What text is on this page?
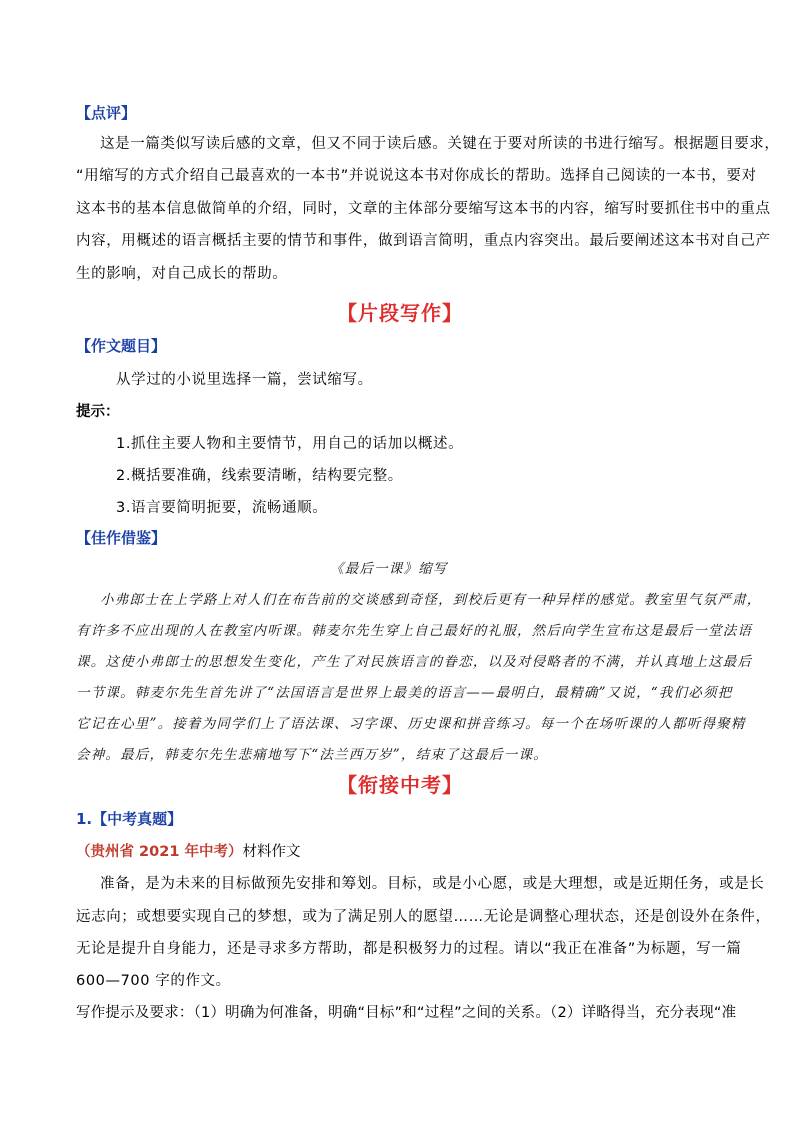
【点评】
这是一篇类似写读后感的文章，但又不同于读后感。关键在于要对所读的书进行缩写。根据题目要求，
“用缩写的方式介绍自己最喜欢的一本书”并说说这本书对你成长的帮助。选择自己阅读的一本书，要对
这本书的基本信息做简单的介绍，同时，文章的主体部分要缩写这本书的内容，缩写时要抓住书中的重点
内容，用概述的语言概括主要的情节和事件，做到语言简明，重点内容突出。最后要阐述这本书对自己产
生的影响，对自己成长的帮助。
【片段写作】
【作文题目】
从学过的小说里选择一篇，尝试缩写。
提示：
1.抓住主要人物和主要情节，用自己的话加以概述。
2.概括要准确，线索要清晰，结构要完整。
3.语言要简明扼要，流畅通顺。
【佳作借鉴】
《最后一课》缩写
小弗郎士在上学路上对人们在布告前的交谈感到奇怪，到校后更有一种异样的感觉。教室里气氛严肃，
有许多不应出现的人在教室内听课。韩麦尔先生穿上自己最好的礼服，然后向学生宣布这是最后一堂法语
课。这使小弗郎士的思想发生变化，产生了对民族语言的眷恋，以及对侵略者的不满，并认真地上这最后
一节课。韩麦尔先生首先讲了“法国语言是世界上最美的语言——最明白，最精确”又说，“我们必须把
它记在心里”。接着为同学们上了语法课、习字课、历史课和拼音练习。每一个在场听课的人都听得聚精
会神。最后，韩麦尔先生悲痛地写下“法兰西万岁”，结束了这最后一课。
【衔接中考】
1.【中考真题】
（贵州省 2021 年中考）材料作文
准备，是为未来的目标做预先安排和筹划。目标，或是小心愿，或是大理想，或是近期任务，或是长
远志向；或想要实现自己的梦想，或为了满足别人的愿望……无论是调整心理状态，还是创设外在条件，
无论是提升自身能力，还是寻求多方帮助，都是积极努力的过程。请以“我正在准备”为标题，写一篇
600—700 字的作文。
写作提示及要求：（1）明确为何准备，明确“目标”和“过程”之间的关系。（2）详略得当，充分表现“准
